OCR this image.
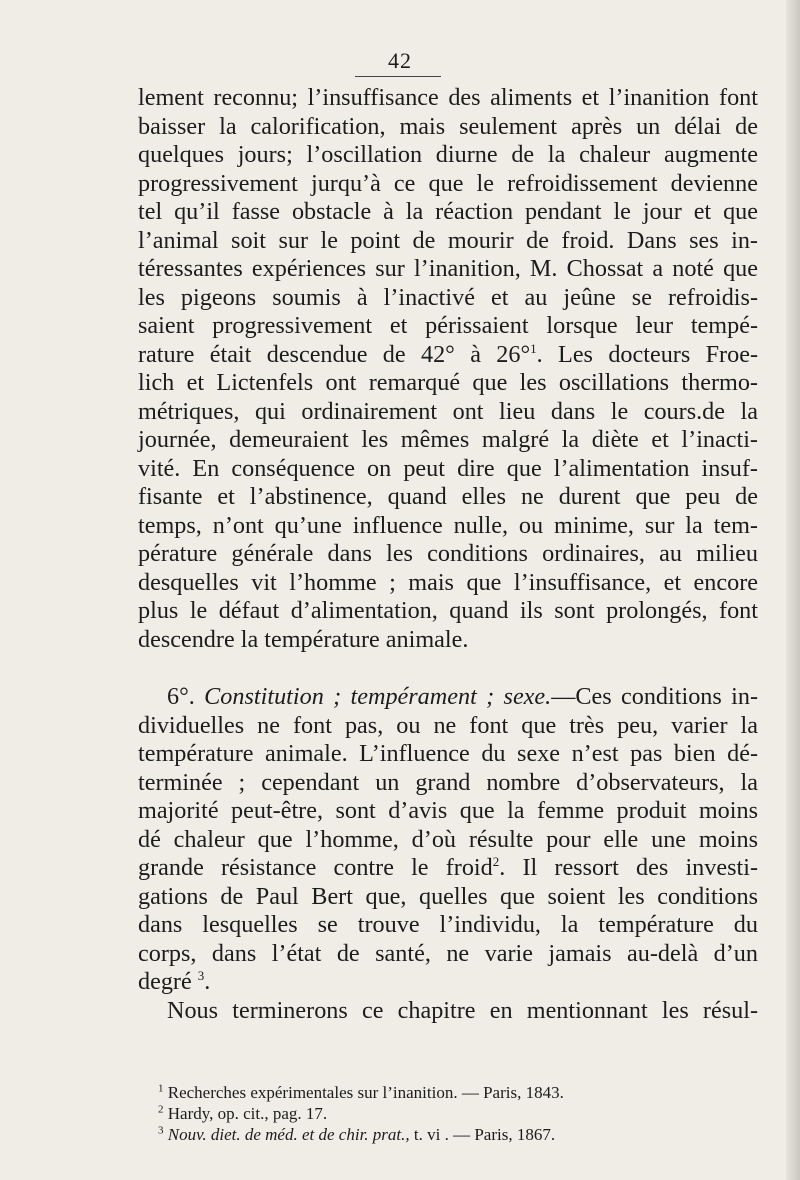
42
lement reconnu; l’insuffisance des aliments et l’inanition font
baisser la calorification, mais seulement après un délai de
quelques jours; l’oscillation diurne de la chaleur augmente
progressivement jurqu’à ce que le refroidissement devienne
tel qu’il fasse obstacle à la réaction pendant le jour et que
l’animal soit sur le point de mourir de froid. Dans ses in-
téressantes expériences sur l’inanition, M. Chossat a noté que
les pigeons soumis à l’inactivé et au jeûne se refroidis-
saient progressivement et périssaient lorsque leur tempé-
rature était descendue de 42° à 26°$^1$. Les docteurs Froe-
lich et Lictenfels ont remarqué que les oscillations thermo-
métriques, qui ordinairement ont lieu dans le cours.de la
journée, demeuraient les mêmes malgré la diète et l’inacti-
vité. En conséquence on peut dire que l’alimentation insuf-
fisante et l’abstinence, quand elles ne durent que peu de
temps, n’ont qu’une influence nulle, ou minime, sur la tem-
pérature générale dans les conditions ordinaires, au milieu
desquelles vit l’homme ; mais que l’insuffisance, et encore
plus le défaut d’alimentation, quand ils sont prolongés, font
descendre la température animale.
6°. Constitution ; tempérament ; sexe.—Ces conditions in-
dividuelles ne font pas, ou ne font que très peu, varier la
température animale. L’influence du sexe n’est pas bien dé-
terminée ; cependant un grand nombre d’observateurs, la
majorité peut-être, sont d’avis que la femme produit moins
dé chaleur que l’homme, d’où résulte pour elle une moins
grande résistance contre le froid$^2$. Il ressort des investi-
gations de Paul Bert que, quelles que soient les conditions
dans lesquelles se trouve l’individu, la température du
corps, dans l’état de santé, ne varie jamais au-delà d’un
degré $^3$.
Nous terminerons ce chapitre en mentionnant les résul-
$^1$ Recherches expérimentales sur l’inanition. — Paris, 1843.
$^2$ Hardy, op. cit., pag. 17.
$^3$ Nouv. diet. de méd. et de chir. prat., t. vi . — Paris, 1867.
